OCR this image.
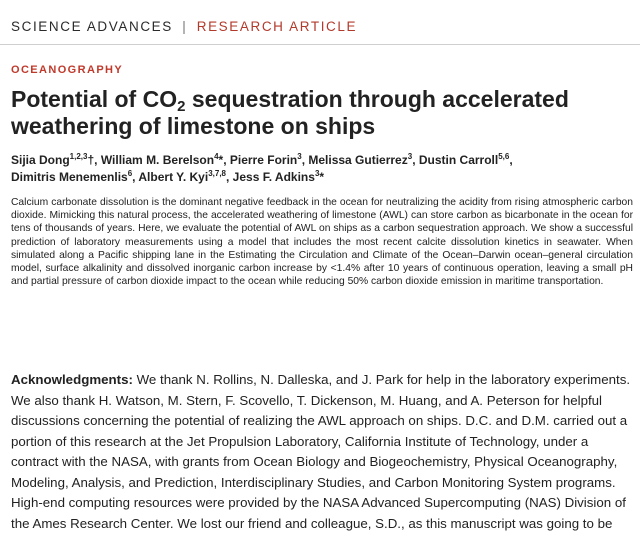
SCIENCE ADVANCES | RESEARCH ARTICLE
OCEANOGRAPHY
Potential of $CO_2$ sequestration through accelerated weathering of limestone on ships
Sijia Dong$^{1,2,3}$†, William M. Berelson$^4$*, Pierre Forin$^3$, Melissa Gutierrez$^3$, Dustin Carroll$^{5,6}$,
Dimitris Menemenlis$^6$, Albert Y. Kyi$^{3,7,8}$, Jess F. Adkins$^3$*

Calcium carbonate dissolution is the dominant negative feedback in the ocean for neutralizing the acidity from rising atmospheric carbon dioxide. Mimicking this natural process, the accelerated weathering of limestone (AWL) can store carbon as bicarbonate in the ocean for tens of thousands of years. Here, we evaluate the potential of AWL on ships as a carbon sequestration approach. We show a successful prediction of laboratory measurements using a model that includes the most recent calcite dissolution kinetics in seawater. When simulated along a Pacific shipping lane in the Estimating the Circulation and Climate of the Ocean–Darwin ocean–general circulation model, surface alkalinity and dissolved inorganic carbon increase by <1.4% after 10 years of continuous operation, leaving a small pH and partial pressure of carbon dioxide impact to the ocean while reducing 50% carbon dioxide emission in maritime transportation.

Acknowledgments: We thank N. Rollins, N. Dalleska, and J. Park for help in the laboratory experiments. We also thank H. Watson, M. Stern, F. Scovello, T. Dickenson, M. Huang, and A. Peterson for helpful discussions concerning the potential of realizing the AWL approach on ships. D.C. and D.M. carried out a portion of this research at the Jet Propulsion Laboratory, California Institute of Technology, under a contract with the NASA, with grants from Ocean Biology and Biogeochemistry, Physical Oceanography, Modeling, Analysis, and Prediction, Interdisciplinary Studies, and Carbon Monitoring System programs. High-end computing resources were provided by the NASA Advanced Supercomputing (NAS) Division of the Ames Research Center. We lost our friend and colleague, S.D., as this manuscript was going to be
